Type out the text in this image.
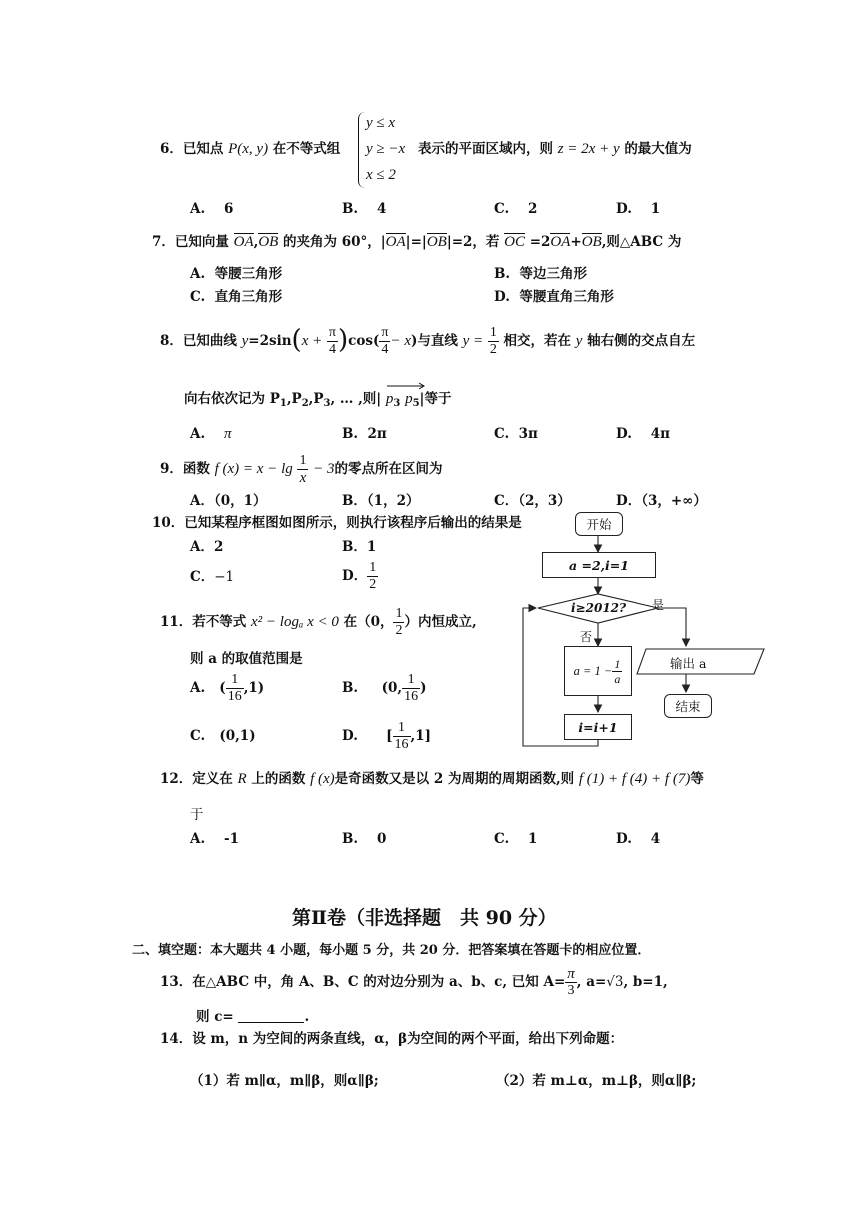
y ≤ x
y ≥ −x
x ≤ 2
6．已知点 P(x, y) 在不等式组	表示的平面区域内，则 z = 2x + y 的最大值为
A. 6	B. 4	C. 2	D. 1
7．已知向量 OA,OB 的夹角为 60°，|OA|=|OB|=2，若 OC =2OA+OB,则△ABC 为
A. 等腰三角形	B. 等边三角形
C. 直角三角形	D. 等腰直角三角形
8．已知曲线 $y=2\sin(x + \frac{\pi}{4} )\cos( \frac{\pi}{4} - x)$与直线 $y = \frac{1}{2}$ 相交，若在 y 轴右侧的交点自左
向右依次记为 $P_1,P_2,P_3$, … ,则| $p_3$ $p_5|$等于
A. π	B. 2π	C. 3π	D. 4π
9．函数 f $(x) = x - \lg \frac{1}{x} - 3$的零点所在区间为
A．（0，1）	B．（1，2）	C．（2，3）	D．（3，+∞）
10．已知某程序框图如图所示，则执行该程序后输出的结果是
A．2	B．1
C．−1	D． $\frac{1}{2}$
开始
a =2,i=1
i≥2012? 是
否
$a = 1 - \frac{1}{a}$
i=i+1
输出 a
结束
11．若不等式 x² − logₐ x < 0 在（0， $\frac{1}{2}$ ）内恒成立,
则 a 的取值范围是
A. ( $\frac{1}{16} ,1$)	B. (0, $\frac{1}{16}$ )
C. (0,1)	D. [ $\frac{1}{16} ,1$]
12．定义在 R 上的函数 f (x)是奇函数又是以 2 为周期的周期函数,则 f (1) + f (4) + f (7)等
于
A. -1	B. 0	C. 1	D. 4
第Ⅱ卷（非选择题　共 90 分）
二、填空题：本大题共 4 小题，每小题 5 分，共 20 分．把答案填在答题卡的相应位置．
13．在△ABC 中，角 A、B、C 的对边分别为 a、b、c, 已知 $A= \frac{\pi}{3}$ , a=√3, b=1,
则 c=	.
14．设 m，n 为空间的两条直线，α，β为空间的两个平面，给出下列命题：
（1）若 m∥α，m∥β，则α∥β;	（2）若 m⊥α，m⊥β，则α∥β;
